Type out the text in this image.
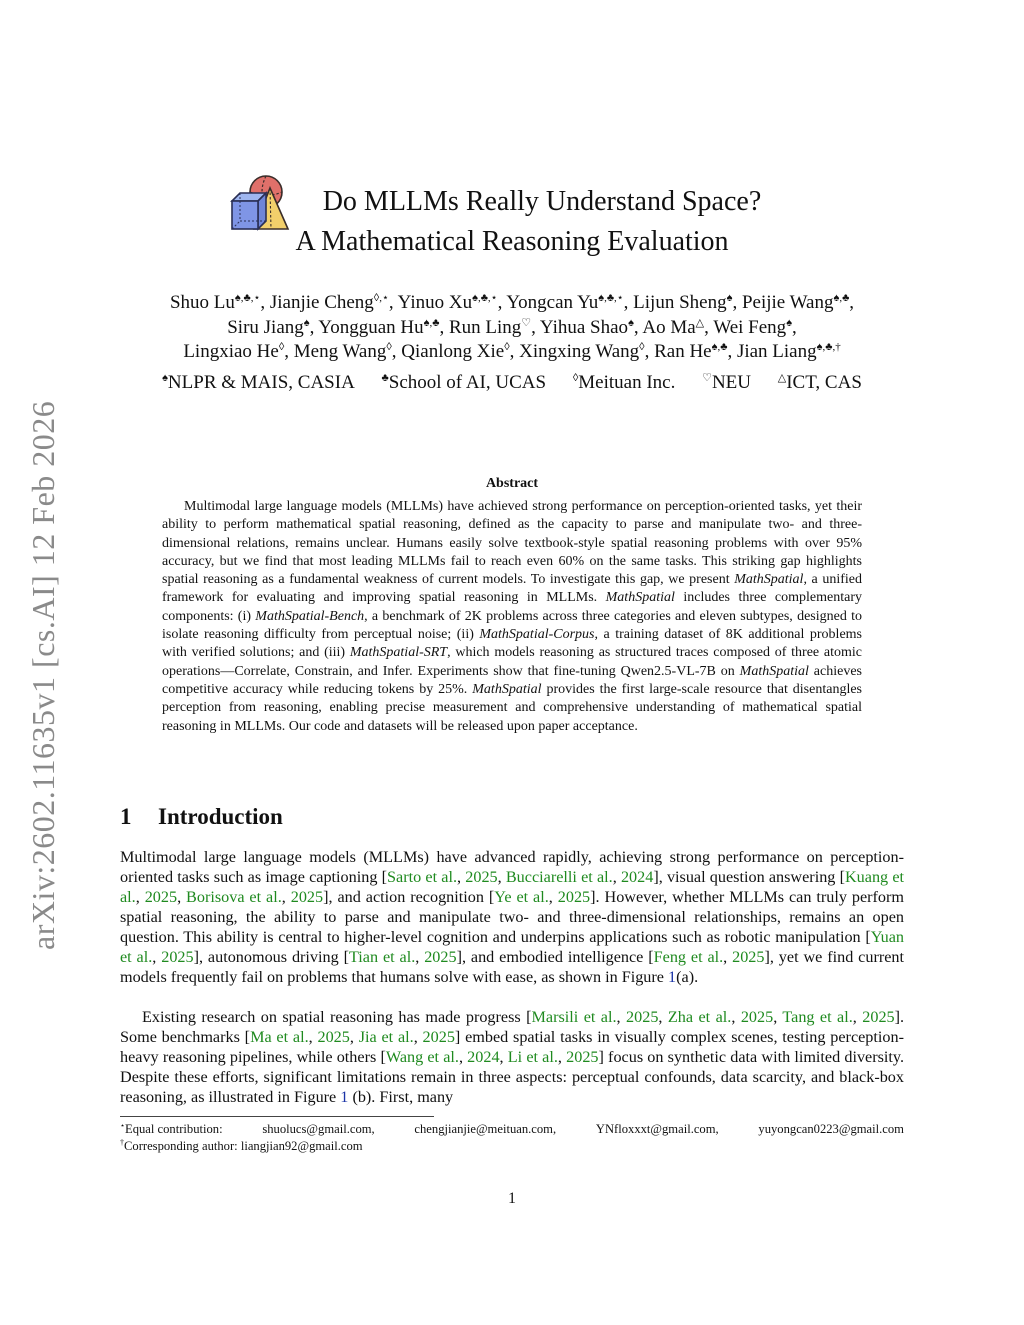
arXiv:2602.11635v1 [cs.AI] 12 Feb 2026
Do MLLMs Really Understand Space?
A Mathematical Reasoning Evaluation
Shuo Lu♠,♣,⋆, Jianjie Cheng◊,⋆, Yinuo Xu♠,♣,⋆, Yongcan Yu♠,♣,⋆, Lijun Sheng♠, Peijie Wang♠,♣,
Siru Jiang♠, Yongguan Hu♠,♣, Run Ling♡, Yihua Shao♠, Ao Ma△, Wei Feng♠,
Lingxiao He◊, Meng Wang◊, Qianlong Xie◊, Xingxing Wang◊, Ran He♠,♣, Jian Liang♠,♣,†
♠NLPR & MAIS, CASIA ♣School of AI, UCAS ◊Meituan Inc. ♡NEU △ICT, CAS
Abstract
Multimodal large language models (MLLMs) have achieved strong performance on perception-oriented tasks, yet their ability to perform mathematical spatial reasoning, defined as the capacity to parse and manipulate two- and three-dimensional relations, remains unclear. Humans easily solve textbook-style spatial reasoning problems with over 95% accuracy, but we find that most leading MLLMs fail to reach even 60% on the same tasks. This striking gap highlights spatial reasoning as a fundamental weakness of current models. To investigate this gap, we present MathSpatial, a unified framework for evaluating and improving spatial reasoning in MLLMs. MathSpatial includes three complementary components: (i) MathSpatial-Bench, a benchmark of 2K problems across three categories and eleven subtypes, designed to isolate reasoning difficulty from perceptual noise; (ii) MathSpatial-Corpus, a training dataset of 8K additional problems with verified solutions; and (iii) MathSpatial-SRT, which models reasoning as structured traces composed of three atomic operations—Correlate, Constrain, and Infer. Experiments show that fine-tuning Qwen2.5-VL-7B on MathSpatial achieves competitive accuracy while reducing tokens by 25%. MathSpatial provides the first large-scale resource that disentangles perception from reasoning, enabling precise measurement and comprehensive understanding of mathematical spatial reasoning in MLLMs. Our code and datasets will be released upon paper acceptance.
1 Introduction
Multimodal large language models (MLLMs) have advanced rapidly, achieving strong performance on perception-oriented tasks such as image captioning [Sarto et al., 2025, Bucciarelli et al., 2024], visual question answering [Kuang et al., 2025, Borisova et al., 2025], and action recognition [Ye et al., 2025]. However, whether MLLMs can truly perform spatial reasoning, the ability to parse and manipulate two- and three-dimensional relationships, remains an open question. This ability is central to higher-level cognition and underpins applications such as robotic manipulation [Yuan et al., 2025], autonomous driving [Tian et al., 2025], and embodied intelligence [Feng et al., 2025], yet we find current models frequently fail on problems that humans solve with ease, as shown in Figure 1(a).
Existing research on spatial reasoning has made progress [Marsili et al., 2025, Zha et al., 2025, Tang et al., 2025]. Some benchmarks [Ma et al., 2025, Jia et al., 2025] embed spatial tasks in visually complex scenes, testing perception-heavy reasoning pipelines, while others [Wang et al., 2024, Li et al., 2025] focus on synthetic data with limited diversity. Despite these efforts, significant limitations remain in three aspects: perceptual confounds, data scarcity, and black-box reasoning, as illustrated in Figure 1 (b). First, many
⋆Equal contribution:	shuolucs@gmail.com,	chengjianjie@meituan.com,	YNfloxxxt@gmail.com,	yuyongcan0223@gmail.com
†Corresponding author: liangjian92@gmail.com
1
